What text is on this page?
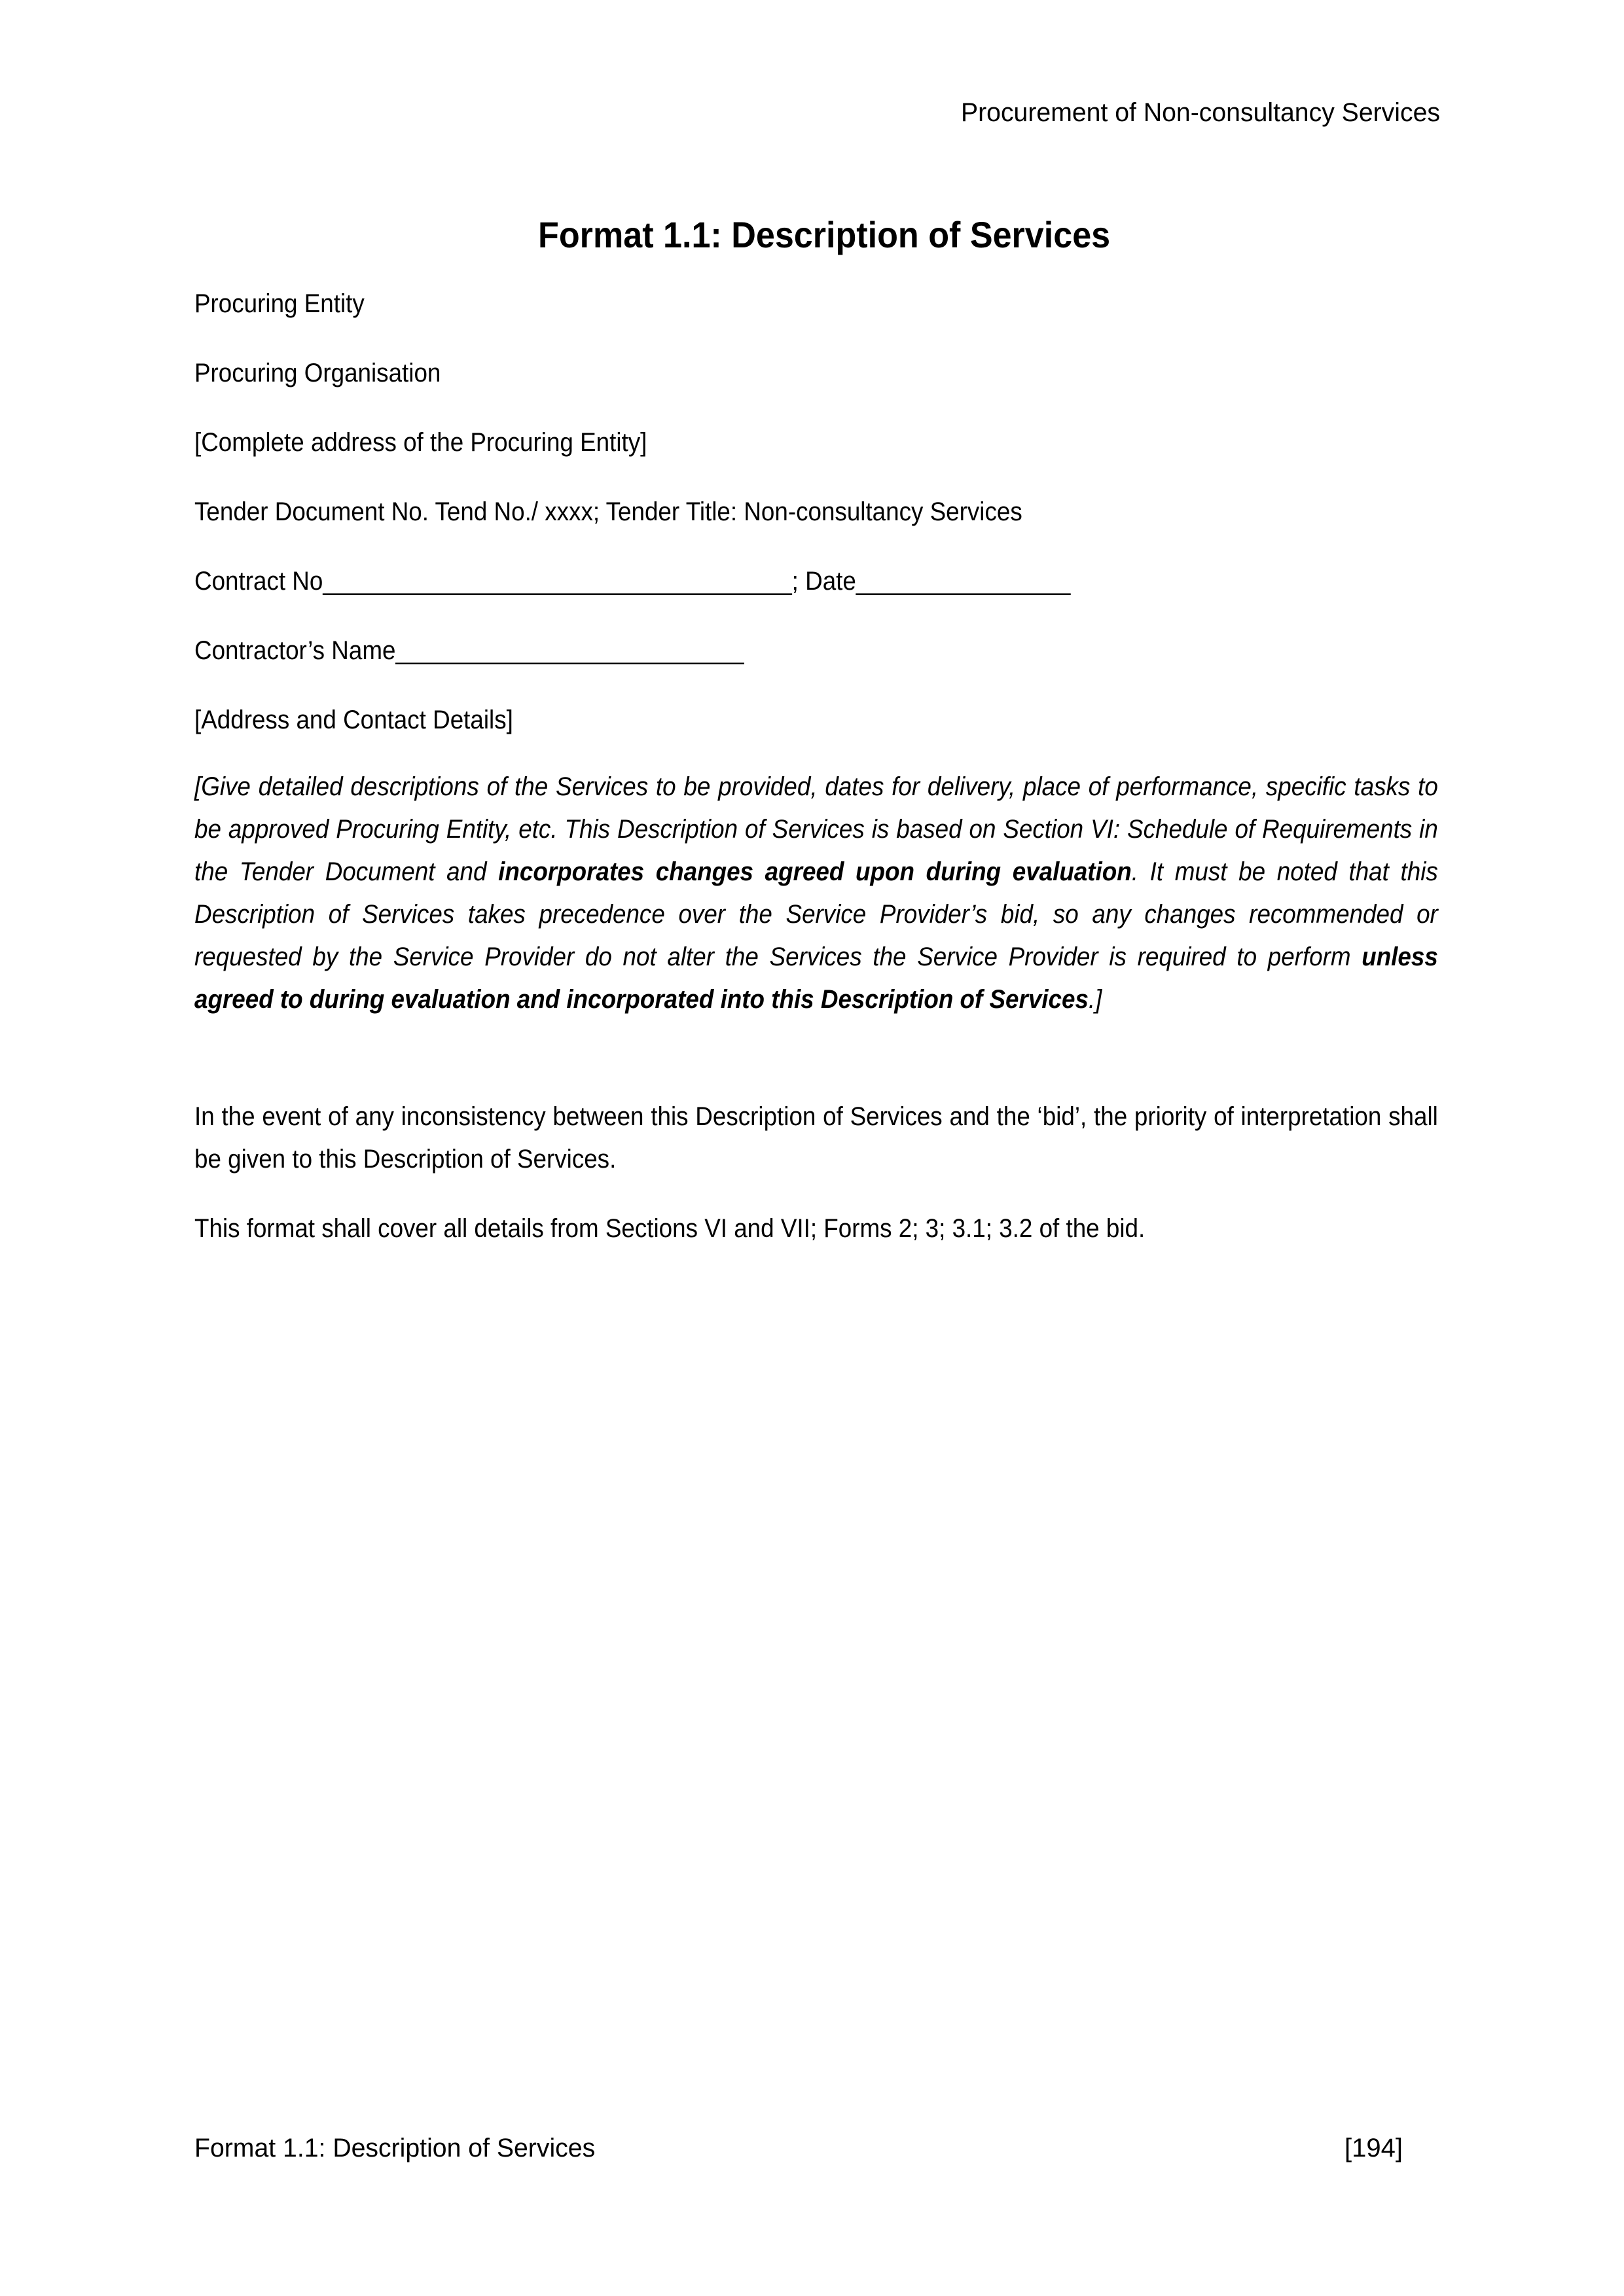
Procurement of Non-consultancy Services
Format 1.1: Description of Services
Procuring Entity
Procuring Organisation
[Complete address of the Procuring Entity]
Tender Document No. Tend No./ xxxx; Tender Title: Non-consultancy Services
Contract No___________________________________; Date________________
Contractor’s Name__________________________
[Address and Contact Details]
[Give detailed descriptions of the Services to be provided, dates for delivery, place of performance, specific tasks to be approved Procuring Entity, etc. This Description of Services is based on Section VI: Schedule of Requirements in the Tender Document and incorporates changes agreed upon during evaluation. It must be noted that this Description of Services takes precedence over the Service Provider’s bid, so any changes recommended or requested by the Service Provider do not alter the Services the Service Provider is required to perform unless agreed to during evaluation and incorporated into this Description of Services.]
In the event of any inconsistency between this Description of Services and the ‘bid’, the priority of interpretation shall be given to this Description of Services.
This format shall cover all details from Sections VI and VII; Forms 2; 3; 3.1; 3.2 of the bid.
Format 1.1: Description of Services	[194]
